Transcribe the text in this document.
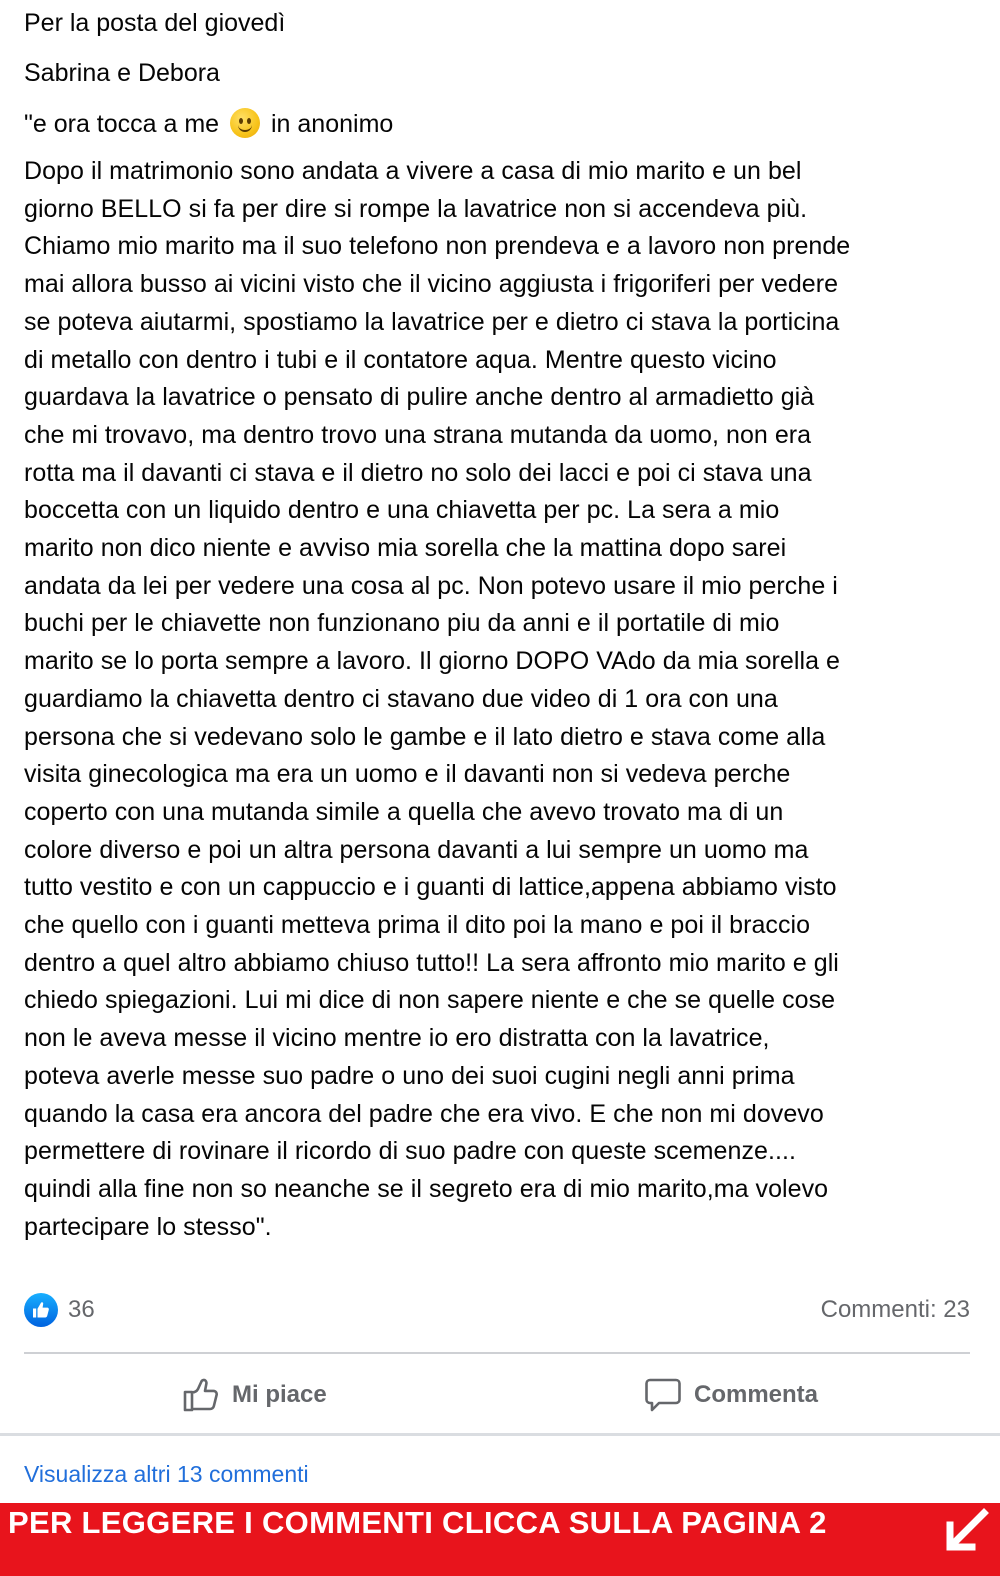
Per la posta del giovedì
Sabrina e Debora
"e ora tocca a me in anonimo
Dopo il matrimonio sono andata a vivere a casa di mio marito e un bel
giorno BELLO si fa per dire si rompe la lavatrice non si accendeva più.
Chiamo mio marito ma il suo telefono non prendeva e a lavoro non prende
mai allora busso ai vicini visto che il vicino aggiusta i frigoriferi per vedere
se poteva aiutarmi, spostiamo la lavatrice per e dietro ci stava la porticina
di metallo con dentro i tubi e il contatore aqua. Mentre questo vicino
guardava la lavatrice o pensato di pulire anche dentro al armadietto già
che mi trovavo, ma dentro trovo una strana mutanda da uomo, non era
rotta ma il davanti ci stava e il dietro no solo dei lacci e poi ci stava una
boccetta con un liquido dentro e una chiavetta per pc. La sera a mio
marito non dico niente e avviso mia sorella che la mattina dopo sarei
andata da lei per vedere una cosa al pc. Non potevo usare il mio perche i
buchi per le chiavette non funzionano piu da anni e il portatile di mio
marito se lo porta sempre a lavoro. Il giorno DOPO VAdo da mia sorella e
guardiamo la chiavetta dentro ci stavano due video di 1 ora con una
persona che si vedevano solo le gambe e il lato dietro e stava come alla
visita ginecologica ma era un uomo e il davanti non si vedeva perche
coperto con una mutanda simile a quella che avevo trovato ma di un
colore diverso e poi un altra persona davanti a lui sempre un uomo ma
tutto vestito e con un cappuccio e i guanti di lattice,appena abbiamo visto
che quello con i guanti metteva prima il dito poi la mano e poi il braccio
dentro a quel altro abbiamo chiuso tutto!! La sera affronto mio marito e gli
chiedo spiegazioni. Lui mi dice di non sapere niente e che se quelle cose
non le aveva messe il vicino mentre io ero distratta con la lavatrice,
poteva averle messe suo padre o uno dei suoi cugini negli anni prima
quando la casa era ancora del padre che era vivo. E che non mi dovevo
permettere di rovinare il ricordo di suo padre con queste scemenze....
quindi alla fine non so neanche se il segreto era di mio marito,ma volevo
partecipare lo stesso".
36	Commenti: 23
Mi piace	Commenta
Visualizza altri 13 commenti
PER LEGGERE I COMMENTI CLICCA SULLA PAGINA 2
